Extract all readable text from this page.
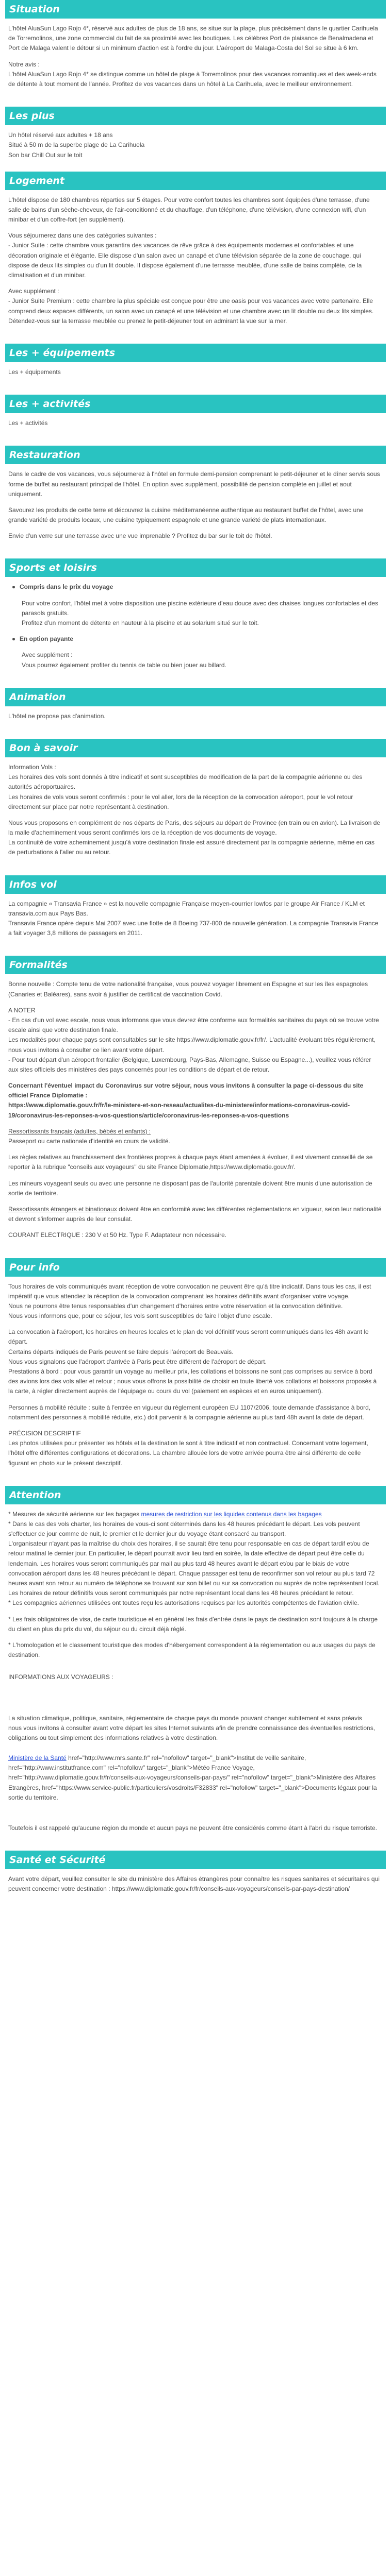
Situation

L'hôtel AluaSun Lago Rojo 4*, réservé aux adultes de plus de 18 ans, se situe sur la plage, plus précisément dans le quartier Carihuela de Torremolinos, une zone commercial du fait de sa proximité avec les boutiques. Les célèbres Port de plaisance de Benalmadena et Port de Malaga valent le détour si un minimum d'action est à l'ordre du jour. L'aéroport de Malaga-Costa del Sol se situe à 6 km.

Notre avis :

L'hôtel AluaSun Lago Rojo 4* se distingue comme un hôtel de plage à Torremolinos pour des vacances romantiques et des week-ends de détente à tout moment de l'année. Profitez de vos vacances dans un hôtel à La Carihuela, avec le meilleur environnement.

Les plus

Un hôtel réservé aux adultes + 18 ans

Situé à 50 m de la superbe plage de La Carihuela

Son bar Chill Out sur le toit

Logement

L'hôtel dispose de 180 chambres réparties sur 5 étages. Pour votre confort toutes les chambres sont équipées d'une terrasse, d'une salle de bains d'un sèche-cheveux, de l'air-conditionné et du chauffage, d'un téléphone, d'une télévision, d'une connexion wifi, d'un minibar et d'un coffre-fort (en supplément).

Vous séjournerez dans une des catégories suivantes :

- Junior Suite : cette chambre vous garantira des vacances de rêve grâce à des équipements modernes et confortables et une décoration originale et élégante. Elle dispose d'un salon avec un canapé et d'une télévision séparée de la zone de couchage, qui dispose de deux lits simples ou d'un lit double. Il dispose également d'une terrasse meublée, d'une salle de bains complète, de la climatisation et d'un minibar.

Avec supplément :

- Junior Suite Premium : cette chambre la plus spéciale est conçue pour être une oasis pour vos vacances avec votre partenaire. Elle comprend deux espaces différents, un salon avec un canapé et une télévision et une chambre avec un lit double ou deux lits simples. Détendez-vous sur la terrasse meublée ou prenez le petit-déjeuner tout en admirant la vue sur la mer.

Les + équipements

Les + équipements

Les + activités

Les + activités

Restauration

Dans le cadre de vos vacances, vous séjournerez à l'hôtel en formule demi-pension comprenant le petit-déjeuner et le dîner servis sous forme de buffet au restaurant principal de l'hôtel. En option avec supplément, possibilité de pension complète en juillet et aout uniquement.

Savourez les produits de cette terre et découvrez la cuisine méditerranéenne authentique au restaurant buffet de l'hôtel, avec une grande variété de produits locaux, une cuisine typiquement espagnole et une grande variété de plats internationaux.

Envie d'un verre sur une terrasse avec une vue imprenable ? Profitez du bar sur le toit de l'hôtel.

Sports et loisirs

Compris dans le prix du voyage

Pour votre confort, l'hôtel met à votre disposition une piscine extérieure d'eau douce avec des chaises longues confortables et des parasols gratuits.

Profitez d'un moment de détente en hauteur à la piscine et au solarium situé sur le toit.

En option payante

Avec supplément :

Vous pourrez également profiter du tennis de table ou bien jouer au billard.

Animation

L'hôtel ne propose pas d'animation.

Bon à savoir

Information Vols :

Les horaires des vols sont donnés à titre indicatif et sont susceptibles de modification de la part de la compagnie aérienne ou des autorités aéroportuaires.

Les horaires de vols vous seront confirmés : pour le vol aller, lors de la réception de la convocation aéroport, pour le vol retour directement sur place par notre représentant à destination.

Nous vous proposons en complément de nos départs de Paris, des séjours au départ de Province (en train ou en avion). La livraison de la malle d'acheminement vous seront confirmés lors de la réception de vos documents de voyage.

La continuité de votre acheminement jusqu'à votre destination finale est assuré directement par la compagnie aérienne, même en cas de perturbations à l'aller ou au retour.

Infos vol

La compagnie « Transavia France » est la nouvelle compagnie Française moyen-courrier lowfos par le groupe Air France / KLM et transavia.com aux Pays Bas.

Transavia France opère depuis Mai 2007 avec une flotte de 8 Boeing 737-800 de nouvelle génération. La compagnie Transavia France a fait voyager 3,8 millions de passagers en 2011.

Formalités

Bonne nouvelle : Compte tenu de votre nationalité française, vous pouvez voyager librement en Espagne et sur les îles espagnoles (Canaries et Baléares), sans avoir à justifier de certificat de vaccination Covid.

A NOTER

- En cas d'un vol avec escale, nous vous informons que vous devrez être conforme aux formalités sanitaires du pays où se trouve votre escale ainsi que votre destination finale.

Les modalités pour chaque pays sont consultables sur le site https://www.diplomatie.gouv.fr/fr/. L'actualité évoluant très régulièrement, nous vous invitons à consulter ce lien avant votre départ.

- Pour tout départ d'un aéroport frontalier (Belgique, Luxembourg, Pays-Bas, Allemagne, Suisse ou Espagne...), veuillez vous référer aux sites officiels des ministères des pays concernés pour les conditions de départ et de retour.

Concernant l'éventuel impact du Coronavirus sur votre séjour, nous vous invitons à consulter la page ci-dessous du site officiel France Diplomatie :

https://www.diplomatie.gouv.fr/fr/le-ministere-et-son-reseau/actualites-du-ministere/informations-coronavirus-covid-19/coronavirus-les-reponses-a-vos-questions/article/coronavirus-les-reponses-a-vos-questions

Ressortissants français (adultes, bébés et enfants) :

Passeport ou carte nationale d'identité en cours de validité.

Les règles relatives au franchissement des frontières propres à chaque pays étant amenées à évoluer, il est vivement conseillé de se reporter à la rubrique "conseils aux voyageurs" du site France Diplomatie,https://www.diplomatie.gouv.fr/.

Les mineurs voyageant seuls ou avec une personne ne disposant pas de l'autorité parentale doivent être munis d'une autorisation de sortie de territoire.

Ressortissants étrangers et binationaux doivent être en conformité avec les différentes réglementations en vigueur, selon leur nationalité et devront s'informer auprès de leur consulat.

COURANT ELECTRIQUE : 230 V et 50 Hz. Type F. Adaptateur non nécessaire.

Pour info

Tous horaires de vols communiqués avant réception de votre convocation ne peuvent être qu'à titre indicatif. Dans tous les cas, il est impératif que vous attendiez la réception de la convocation comprenant les horaires définitifs avant d'organiser votre voyage.

Nous ne pourrons être tenus responsables d'un changement d'horaires entre votre réservation et la convocation définitive.

Nous vous informons que, pour ce séjour, les vols sont susceptibles de faire l'objet d'une escale.

La convocation à l'aéroport, les horaires en heures locales et le plan de vol définitif vous seront communiqués dans les 48h avant le départ.

Certains départs indiqués de Paris peuvent se faire depuis l'aéroport de Beauvais.

Nous vous signalons que l'aéroport d'arrivée à Paris peut être différent de l'aéroport de départ.

Prestations à bord : pour vous garantir un voyage au meilleur prix, les collations et boissons ne sont pas comprises au service à bord des avions lors des vols aller et retour ; nous vous offrons la possibilité de choisir en toute liberté vos collations et boissons proposés à la carte, à régler directement auprès de l'équipage ou cours du vol (paiement en espèces et en euros uniquement).

Personnes à mobilité réduite : suite à l'entrée en vigueur du règlement européen EU 1107/2006, toute demande d'assistance à bord, notamment des personnes à mobilité réduite, etc.) doit parvenir à la compagnie aérienne au plus tard 48h avant la date de départ.

PRÉCISION DESCRIPTIF

Les photos utilisées pour présenter les hôtels et la destination le sont à titre indicatif et non contractuel. Concernant votre logement, l'hôtel offre différentes configurations et décorations. La chambre allouée lors de votre arrivée pourra être ainsi différente de celle figurant en photo sur le présent descriptif.

Attention

* Mesures de sécurité aérienne sur les bagages mesures de restriction sur les liquides contenus dans les bagages

* Dans le cas des vols charter, les horaires de vous-ci sont déterminés dans les 48 heures précédant le départ. Les vols peuvent s'effectuer de jour comme de nuit, le premier et le dernier jour du voyage étant consacré au transport.

L'organisateur n'ayant pas la maîtrise du choix des horaires, il se saurait être tenu pour responsable en cas de départ tardif et/ou de retour matinal le dernier jour. En particulier, le départ pourrait avoir lieu tard en soirée, la date effective de départ peut être celle du lendemain. Les horaires vous seront communiqués par mail au plus tard 48 heures avant le départ et/ou par le biais de votre convocation aéroport dans les 48 heures précédant le départ. Chaque passager est tenu de reconfirmer son vol retour au plus tard 72 heures avant son retour au numéro de téléphone se trouvant sur son billet ou sur sa convocation ou auprès de notre représentant local. Les horaires de retour définitifs vous seront communiqués par notre représentant local dans les 48 heures précédant le retour.

* Les compagnies aériennes utilisées ont toutes reçu les autorisations requises par les autorités compétentes de l'aviation civile.

* Les frais obligatoires de visa, de carte touristique et en général les frais d'entrée dans le pays de destination sont toujours à la charge du client en plus du prix du vol, du séjour ou du circuit déjà réglé.

* L'homologation et le classement touristique des modes d'hébergement correspondent à la réglementation ou aux usages du pays de destination.

INFORMATIONS AUX VOYAGEURS :

La situation climatique, politique, sanitaire, réglementaire de chaque pays du monde pouvant changer subitement et sans préavis

nous vous invitons à consulter avant votre départ les sites Internet suivants afin de prendre connaissance des éventuelles restrictions, obligations ou tout simplement des informations relatives à votre destination.

Ministère de la Santé href="http://www.mrs.sante.fr" rel="nofollow" target="_blank">Institut de veille sanitaire, href="http://www.institutfrance.com" rel="nofollow" target="_blank">Météo France Voyage, href="http://www.diplomatie.gouv.fr/fr/conseils-aux-voyageurs/conseils-par-pays/" rel="nofollow" target="_blank">Ministère des Affaires Etrangères, href="https://www.service-public.fr/particuliers/vosdroits/F32833" rel="nofollow" target="_blank">Documents légaux pour la sortie du territoire.

Toutefois il est rappelé qu'aucune région du monde et aucun pays ne peuvent être considérés comme étant à l'abri du risque terroriste.

Santé et Sécurité

Avant votre départ, veuillez consulter le site du ministère des Affaires étrangères pour connaître les risques sanitaires et sécuritaires qui peuvent concerner votre destination : https://www.diplomatie.gouv.fr/fr/conseils-aux-voyageurs/conseils-par-pays-destination/
